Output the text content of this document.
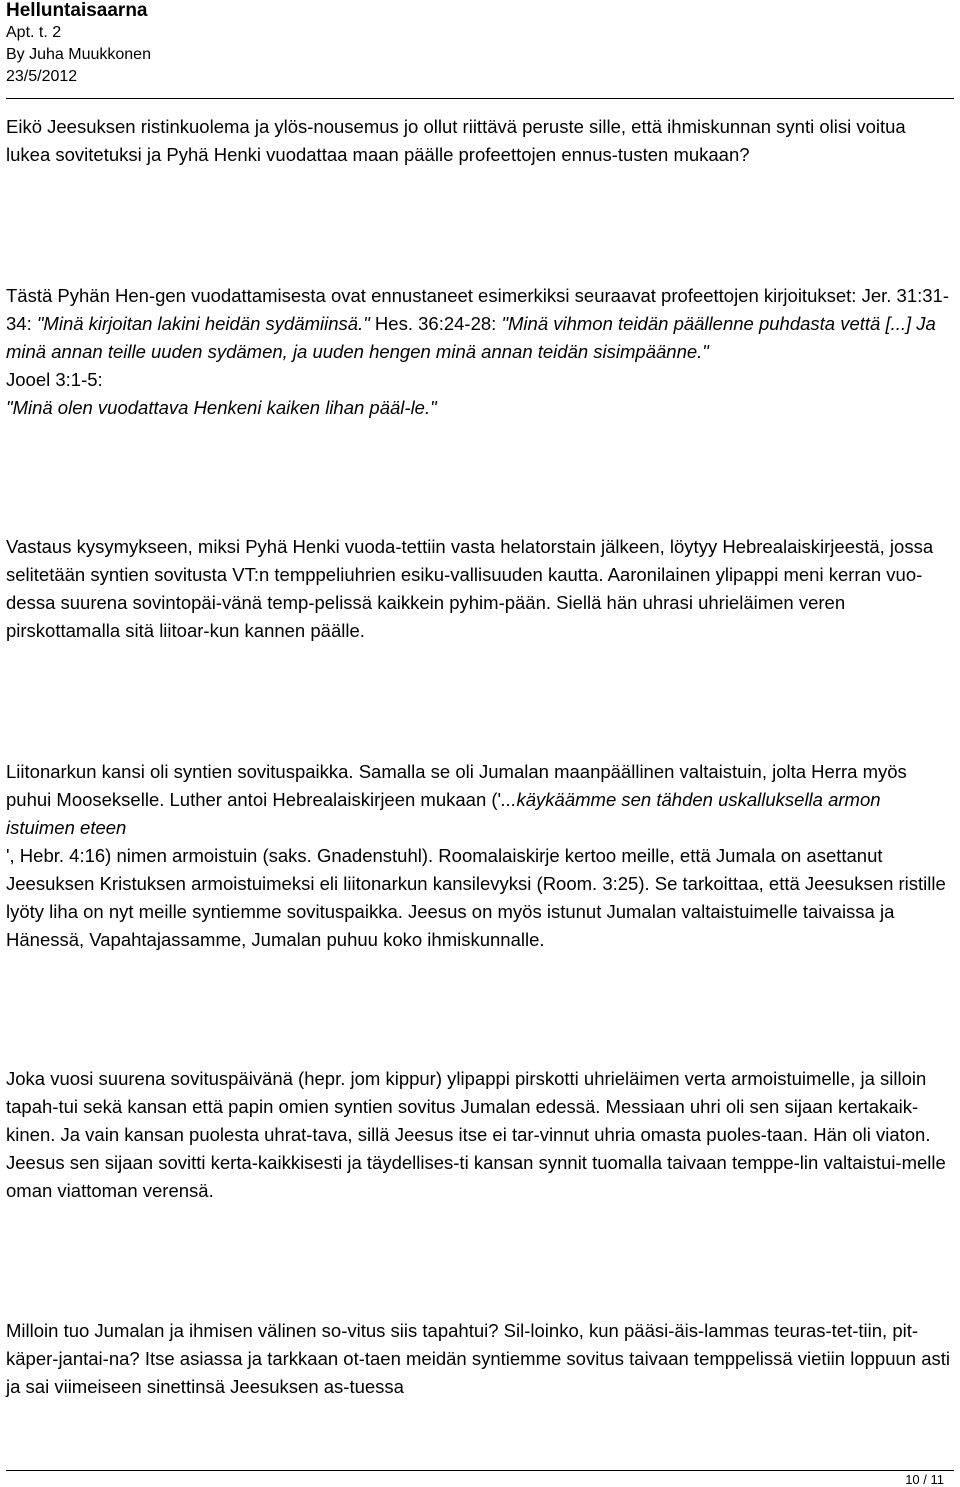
Helluntaisaarna
Apt. t. 2
By Juha Muukkonen
23/5/2012

Eikö Jeesuksen ristinkuolema ja ylös-nousemus jo ollut riittävä peruste sille, että ihmiskunnan synti olisi voitua lukea sovitetuksi ja Pyhä Henki vuodattaa maan päälle profeettojen ennus-tusten mukaan?

Tästä Pyhän Hen-gen vuodattamisesta ovat ennustaneet esimerkiksi seuraavat profeettojen kirjoitukset: Jer. 31:31-34: "Minä kirjoitan lakini heidän sydämiinsä." Hes. 36:24-28: "Minä vihmon teidän päällenne puhdasta vettä [...] Ja minä annan teille uuden sydämen, ja uuden hengen minä annan teidän sisimpäänne."
Jooel 3:1-5:
"Minä olen vuodattava Henkeni kaiken lihan pääl-le."

Vastaus kysymykseen, miksi Pyhä Henki vuoda-tettiin vasta helatorstain jälkeen, löytyy Hebrealaiskirjeestä, jossa selitetään syntien sovitusta VT:n temppeliuhrien esiku-vallisuuden kautta. Aaronilainen ylipappi meni kerran vuo-dessa suurena sovintopäi-vänä temp-pelissä kaikkein pyhim-pään. Siellä hän uhrasi uhrieläimen veren pirskottamalla sitä liitoar-kun kannen päälle.

Liitonarkun kansi oli syntien sovituspaikka. Samalla se oli Jumalan maanpäällinen valtaistuin, jolta Herra myös puhui Moosekselle. Luther antoi Hebrealaiskirjeen mukaan ('...käykäämme sen tähden uskalluksella armon istuimen eteen
', Hebr. 4:16) nimen armoistuin (saks. Gnadenstuhl). Roomalaiskirje kertoo meille, että Jumala on asettanut Jeesuksen Kristuksen armoistuimeksi eli liitonarkun kansilevyksi (Room. 3:25). Se tarkoittaa, että Jeesuksen ristille lyöty liha on nyt meille syntiemme sovituspaikka. Jeesus on myös istunut Jumalan valtaistuimelle taivaissa ja Hänessä, Vapahtajassamme, Jumalan puhuu koko ihmiskunnalle.

Joka vuosi suurena sovituspäivänä (hepr. jom kippur) ylipappi pirskotti uhrieläimen verta armoistuimelle, ja silloin tapah-tui sekä kansan että papin omien syntien sovitus Jumalan edessä. Messiaan uhri oli sen sijaan kertakaik-kinen. Ja vain kansan puolesta uhrat-tava, sillä Jeesus itse ei tar-vinnut uhria omasta puoles-taan. Hän oli viaton. Jeesus sen sijaan sovitti kerta-kaikkisesti ja täydellises-ti kansan synnit tuomalla taivaan temppe-lin valtaistui-melle oman viattoman verensä.

Milloin tuo Jumalan ja ihmisen välinen so-vitus siis tapahtui? Sil-loinko, kun pääsi-äis-lammas teuras-tet-tiin, pit-käper-jantai-na? Itse asiassa ja tarkkaan ot-taen meidän syntiemme sovitus taivaan temppelissä vietiin loppuun asti ja sai viimeiseen sinettinsä Jeesuksen as-tuessa

10 / 11
